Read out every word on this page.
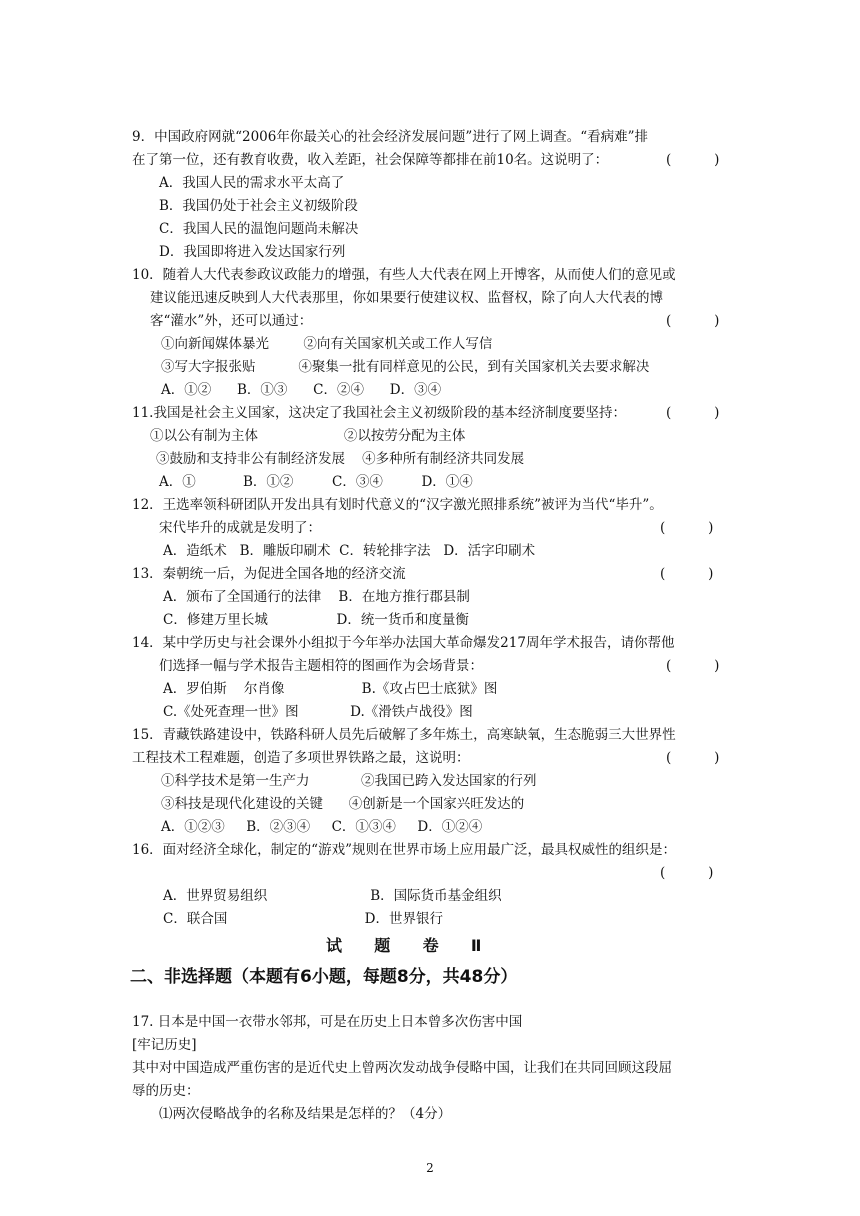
9．中国政府网就“2006年你最关心的社会经济发展问题”进行了网上调查。“看病难”排
在了第一位，还有教育收费，收入差距，社会保障等都排在前10名。这说明了：	(          )
A．我国人民的需求水平太高了
B．我国仍处于社会主义初级阶段
C．我国人民的温饱问题尚未解决
D．我国即将进入发达国家行列
10．随着人大代表参政议政能力的增强，有些人大代表在网上开博客，从而使人们的意见或
建议能迅速反映到人大代表那里，你如果要行使建议权、监督权，除了向人大代表的博
客“灌水”外，还可以通过：	(          )
①向新闻媒体暴光        ②向有关国家机关或工作人写信
③写大字报张贴          ④聚集一批有同样意见的公民，到有关国家机关去要求解决
A．①②      B．①③      C．②④      D．③④
11.我国是社会主义国家，这决定了我国社会主义初级阶段的基本经济制度要坚持：	(          )
①以公有制为主体                    ②以按劳分配为主体
③鼓励和支持非公有制经济发展    ④多种所有制经济共同发展
A．①           B．①②         C．③④         D．①④
12．王选率领科研团队开发出具有划时代意义的“汉字激光照排系统”被评为当代“毕升”。
宋代毕升的成就是发明了：	(          )
A．造纸术   B．雕版印刷术  C．转轮排字法   D．活字印刷术
13．秦朝统一后，为促进全国各地的经济交流	(          )
A．颁布了全国通行的法律    B．在地方推行郡县制
C．修建万里长城                D．统一货币和度量衡
14．某中学历史与社会课外小组拟于今年举办法国大革命爆发217周年学术报告，请你帮他
们选择一幅与学术报告主题相符的图画作为会场背景：	(          )
A．罗伯斯    尔肖像                  B.《攻占巴士底狱》图
C.《处死查理一世》图            D.《滑铁卢战役》图
15．青藏铁路建设中，铁路科研人员先后破解了多年炼土，高寒缺氧，生态脆弱三大世界性
工程技术工程难题，创造了多项世界铁路之最，这说明：	(          )
①科学技术是第一生产力            ②我国已跨入发达国家的行列
③科技是现代化建设的关键      ④创新是一个国家兴旺发达的
A．①②③     B．②③④     C．①③④     D．①②④
16．面对经济全球化，制定的“游戏”规则在世界市场上应用最广泛，最具权威性的组织是：
(          )
A．世界贸易组织                        B．国际货币基金组织
C．联合国                                D．世界银行
试    题    卷    Ⅱ
二、非选择题（本题有6小题，每题8分，共48分）
17. 日本是中国一衣带水邻邦，可是在历史上日本曾多次伤害中国
[牢记历史]
其中对中国造成严重伤害的是近代史上曾两次发动战争侵略中国，让我们在共同回顾这段屈
辱的历史：
⑴两次侵略战争的名称及结果是怎样的？（4分）
2
